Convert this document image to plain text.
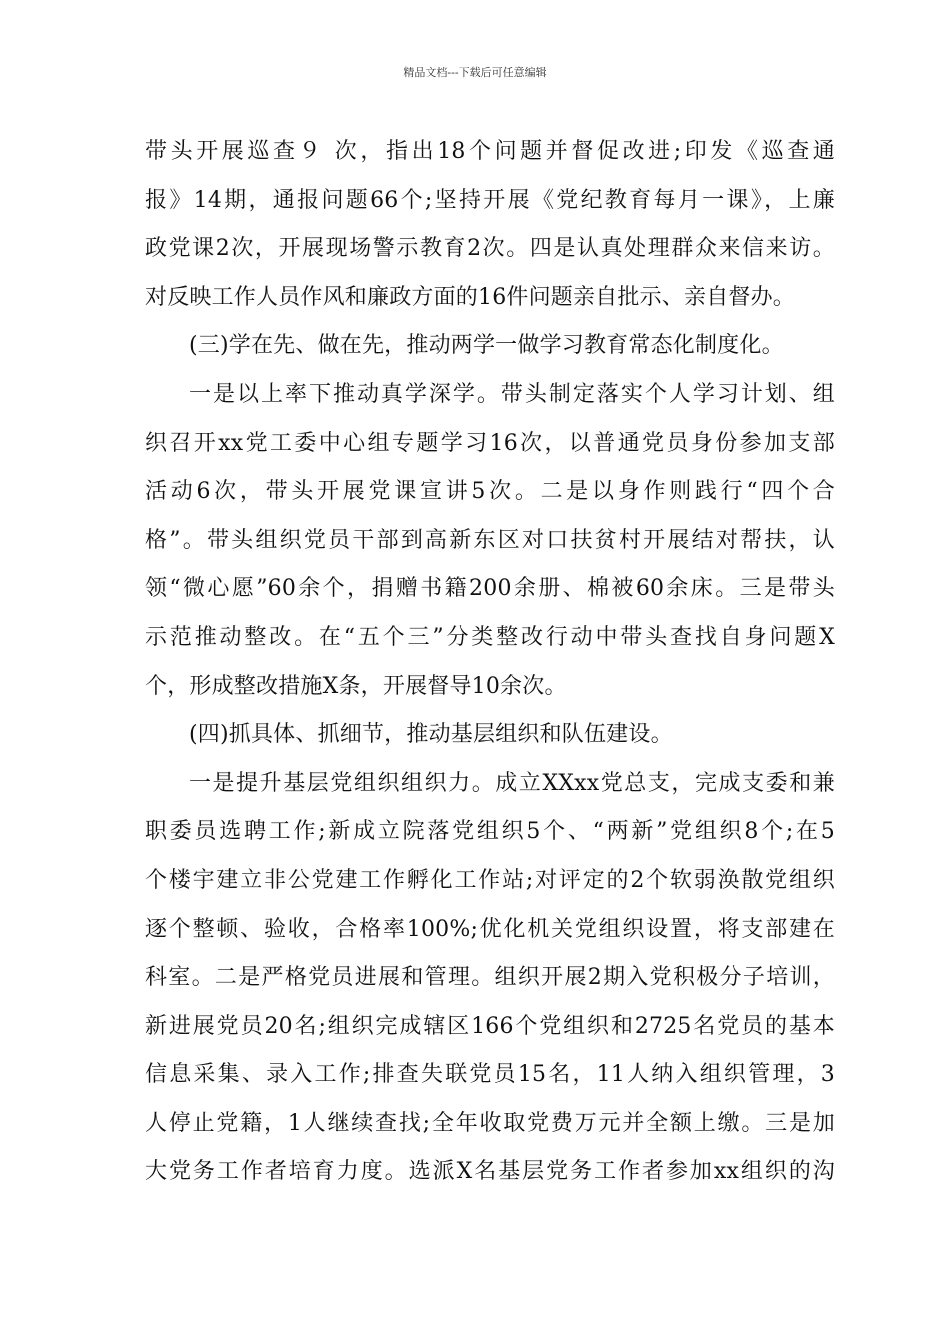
精品文档---下载后可任意编辑
带头开展巡查９ 次，指出18个问题并督促改进;印发《巡查通
报》14期，通报问题66个;坚持开展《党纪教育每月一课》，上廉
政党课2次，开展现场警示教育2次。四是认真处理群众来信来访。
对反映工作人员作风和廉政方面的16件问题亲自批示、亲自督办。
(三)学在先、做在先，推动两学一做学习教育常态化制度化。
一是以上率下推动真学深学。带头制定落实个人学习计划、组
织召开xx党工委中心组专题学习16次，以普通党员身份参加支部
活动6次，带头开展党课宣讲5次。二是以身作则践行“四个合
格”。带头组织党员干部到高新东区对口扶贫村开展结对帮扶，认
领“微心愿”60余个，捐赠书籍200余册、棉被60余床。三是带头
示范推动整改。在“五个三”分类整改行动中带头查找自身问题X
个，形成整改措施X条，开展督导10余次。
(四)抓具体、抓细节，推动基层组织和队伍建设。
一是提升基层党组织组织力。成立XXxx党总支，完成支委和兼
职委员选聘工作;新成立院落党组织5个、“两新”党组织8个;在5
个楼宇建立非公党建工作孵化工作站;对评定的2个软弱涣散党组织
逐个整顿、验收，合格率100%;优化机关党组织设置，将支部建在
科室。二是严格党员进展和管理。组织开展2期入党积极分子培训，
新进展党员20名;组织完成辖区166个党组织和2725名党员的基本
信息采集、录入工作;排查失联党员15名，11人纳入组织管理，3
人停止党籍，1人继续查找;全年收取党费万元并全额上缴。三是加
大党务工作者培育力度。选派X名基层党务工作者参加xx组织的沟
